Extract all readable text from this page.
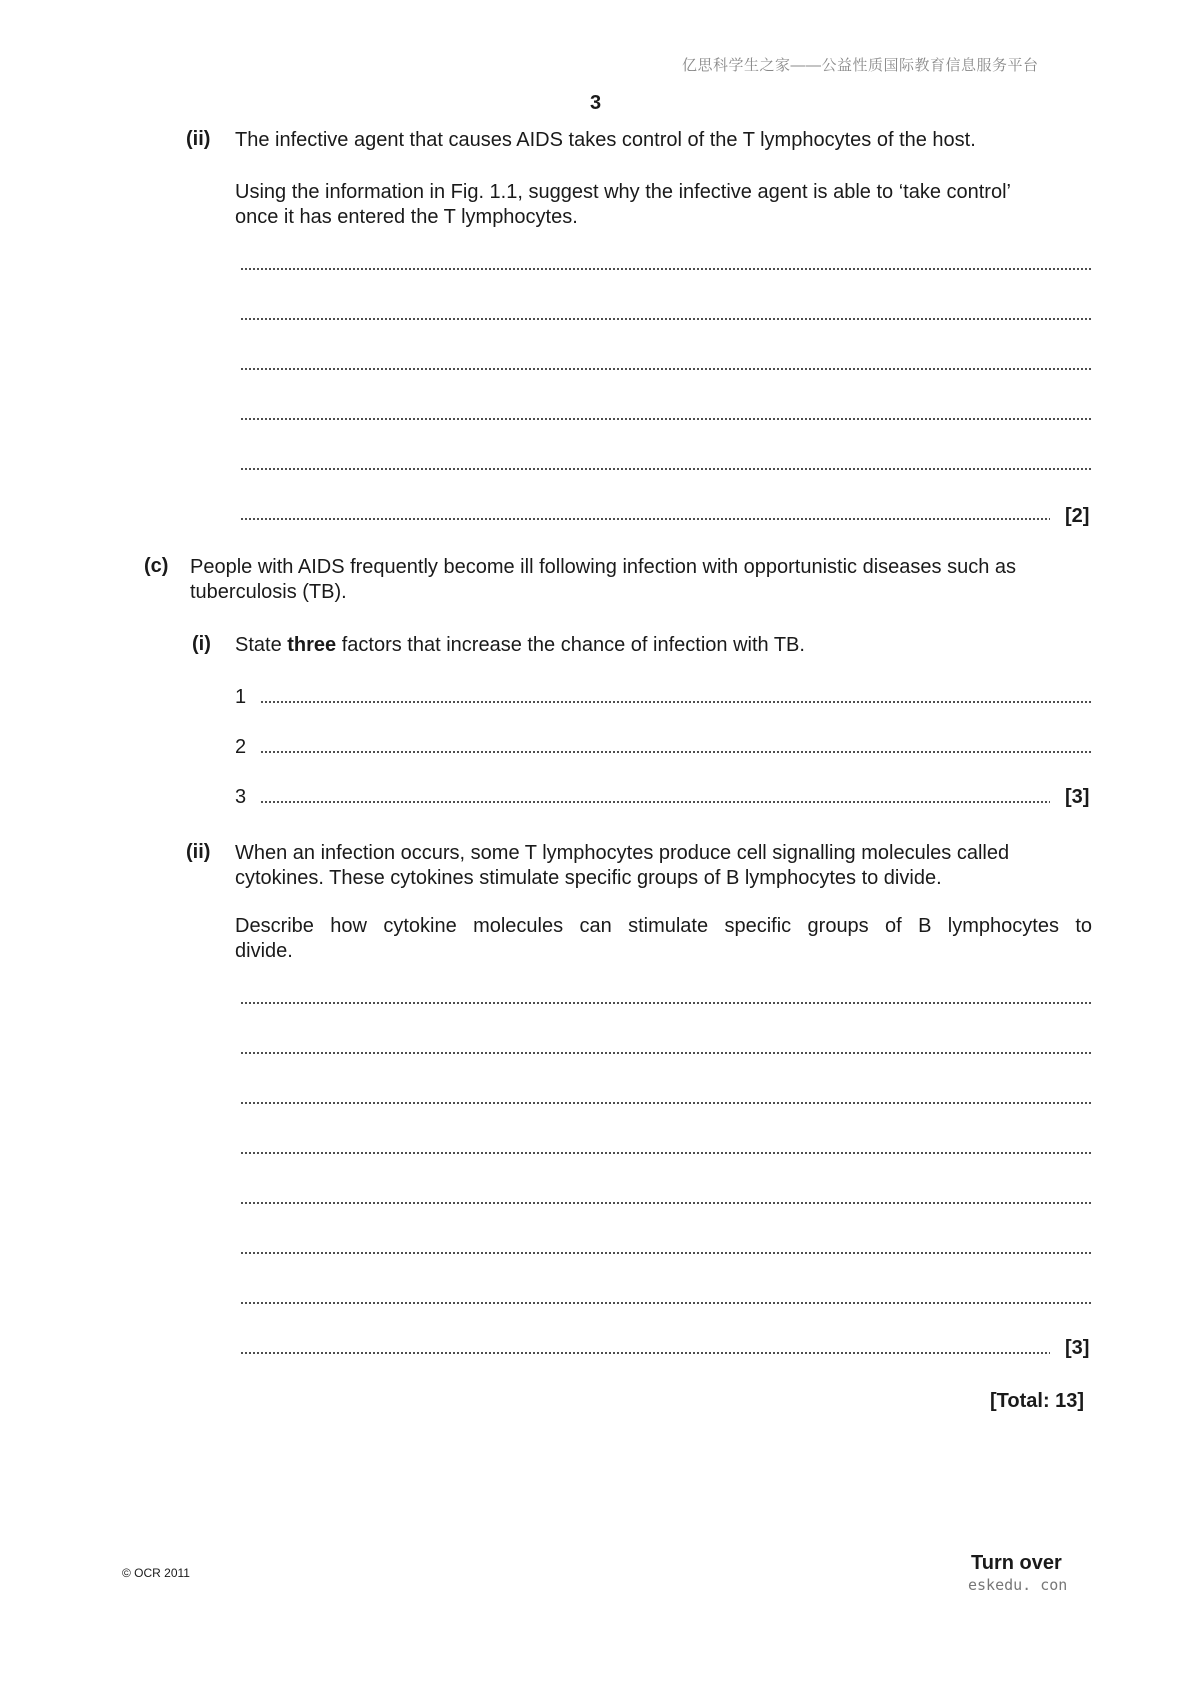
亿思科学生之家——公益性质国际教育信息服务平台
3
(ii) The infective agent that causes AIDS takes control of the T lymphocytes of the host.
Using the information in Fig. 1.1, suggest why the infective agent is able to ‘take control’
once it has entered the T lymphocytes.
[2]
(c) People with AIDS frequently become ill following infection with opportunistic diseases such as
tuberculosis (TB).
(i) State three factors that increase the chance of infection with TB.
1
2
3	[3]
(ii) When an infection occurs, some T lymphocytes produce cell signalling molecules called
cytokines. These cytokines stimulate specific groups of B lymphocytes to divide.
Describe how cytokine molecules can stimulate specific groups of B lymphocytes to
divide.
[3]
[Total: 13]
© OCR 2011	Turn over
eskedu. con
